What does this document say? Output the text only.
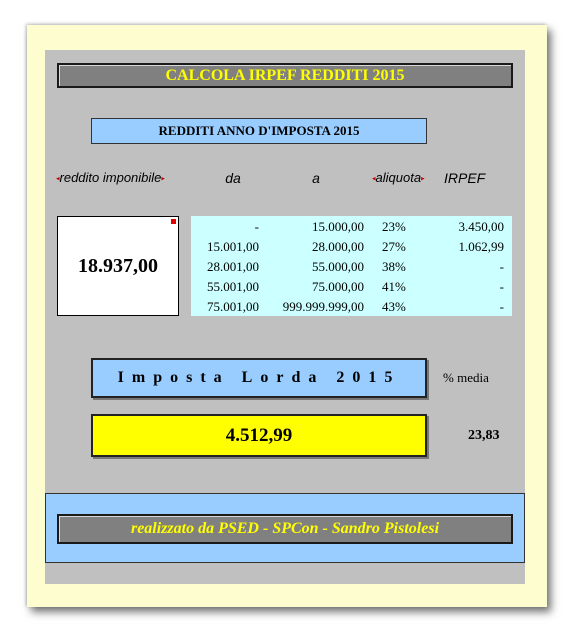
CALCOLA IRPEF REDDITI 2015
REDDITI ANNO D'IMPOSTA 2015
◂reddito imponibile▸	da	a	◂aliquota▸ IRPEF
18.937,00
-	15.000,00 23%	3.450,00
15.001,00	28.000,00 27%	1.062,99
28.001,00	55.000,00 38%	-
55.001,00	75.000,00 41%	-
75.001,00 999.999.999,00 43%	-
Imposta Lorda 2015	% media
4.512,99	23,83
realizzato da PSED - SPCon - Sandro Pistolesi
